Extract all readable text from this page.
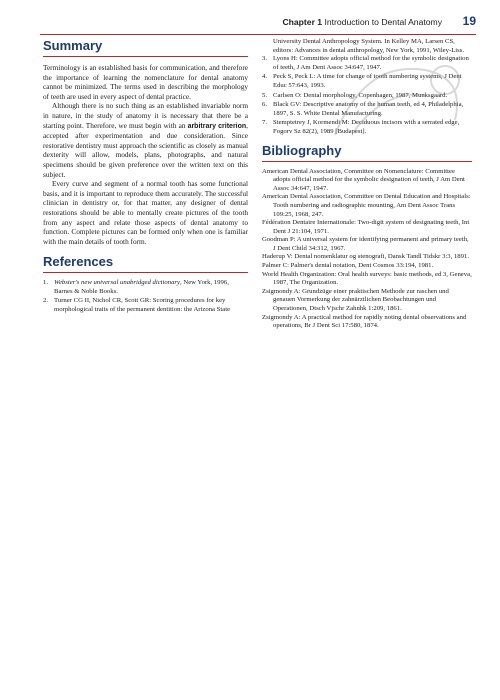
Chapter 1 Introduction to Dental Anatomy 19
Summary

Terminology is an established basis for communication, and therefore the importance of learning the nomenclature for dental anatomy cannot be minimized. The terms used in describing the morphology of teeth are used in every aspect of dental practice.

Although there is no such thing as an established invariable norm in nature, in the study of anatomy it is necessary that there be a starting point. Therefore, we must begin with an arbitrary criterion, accepted after experimentation and due consideration. Since restorative dentistry must approach the scientific as closely as manual dexterity will allow, models, plans, photographs, and natural specimens should be given preference over the written text on this subject.

Every curve and segment of a normal tooth has some functional basis, and it is important to reproduce them accurately. The successful clinician in dentistry or, for that matter, any designer of dental restorations should be able to mentally create pictures of the tooth from any aspect and relate those aspects of dental anatomy to function. Complete pictures can be formed only when one is familiar with the main details of tooth form.

References
1. Webster's new universal unabridged dictionary, New York, 1996, Barnes & Noble Books.
2. Turner CG II, Nichol CR, Scott GR: Scoring procedures for key morphological traits of the permanent dentition: the Arizona State

University Dental Anthropology System. In Kelley MA, Larsen CS, editors: Advances in dental anthropology, New York, 1991, Wiley-Liss.

3. Lyons H: Committee adopts official method for the symbolic designation of teeth, J Am Dent Assoc 34:647, 1947.
4. Peck S, Peck L: A time for change of tooth numbering systems, J Dent Educ 57:643, 1993.
5. Carlsen O: Dental morphology, Copenhagen, 1987, Munksgaard.
6. Black GV: Descriptive anatomy of the human teeth, ed 4, Philadelphia, 1897, S. S. White Dental Manufacturing.
7. Stemptetrey J, Kormendi M: Deciduous incisors with a serrated edge, Fogorv Sz 82(2), 1989 [Budapest].
Bibliography

American Dental Association, Committee on Nomenclature: Committee adopts official method for the symbolic designation of teeth, J Am Dent Assoc 34:647, 1947.

American Dental Association, Committee on Dental Education and Hospitals: Tooth numbering and radiographic mounting, Am Dent Assoc Trans 109:25, 1968, 247.

Fédération Dentaire Internationale: Two-digit system of designating teeth, Int Dent J 21:104, 1971.

Goodman P: A universal system for identifying permanent and primary teeth, J Dent Child 34:312, 1967.

Haderup V: Dental nomenklatur og stenografi, Dansk Tandl Tidskr 3:3, 1891.

Palmer C: Palmer's dental notation, Dent Cosmos 33:194, 1981.

World Health Organization: Oral health surveys: basic methods, ed 3, Geneva, 1987, The Organization.

Zsigmondy A: Grundzüge einer praktischen Methode zur raschen und genauen Vormerkung der zahnärztlichen Beobachtungen und Operationen, Dtsch Vjschr Zahnhk 1:209, 1861.

Zsigmondy A: A practical method for rapidly noting dental observations and operations, Br J Dent Sci 17:580, 1874.
